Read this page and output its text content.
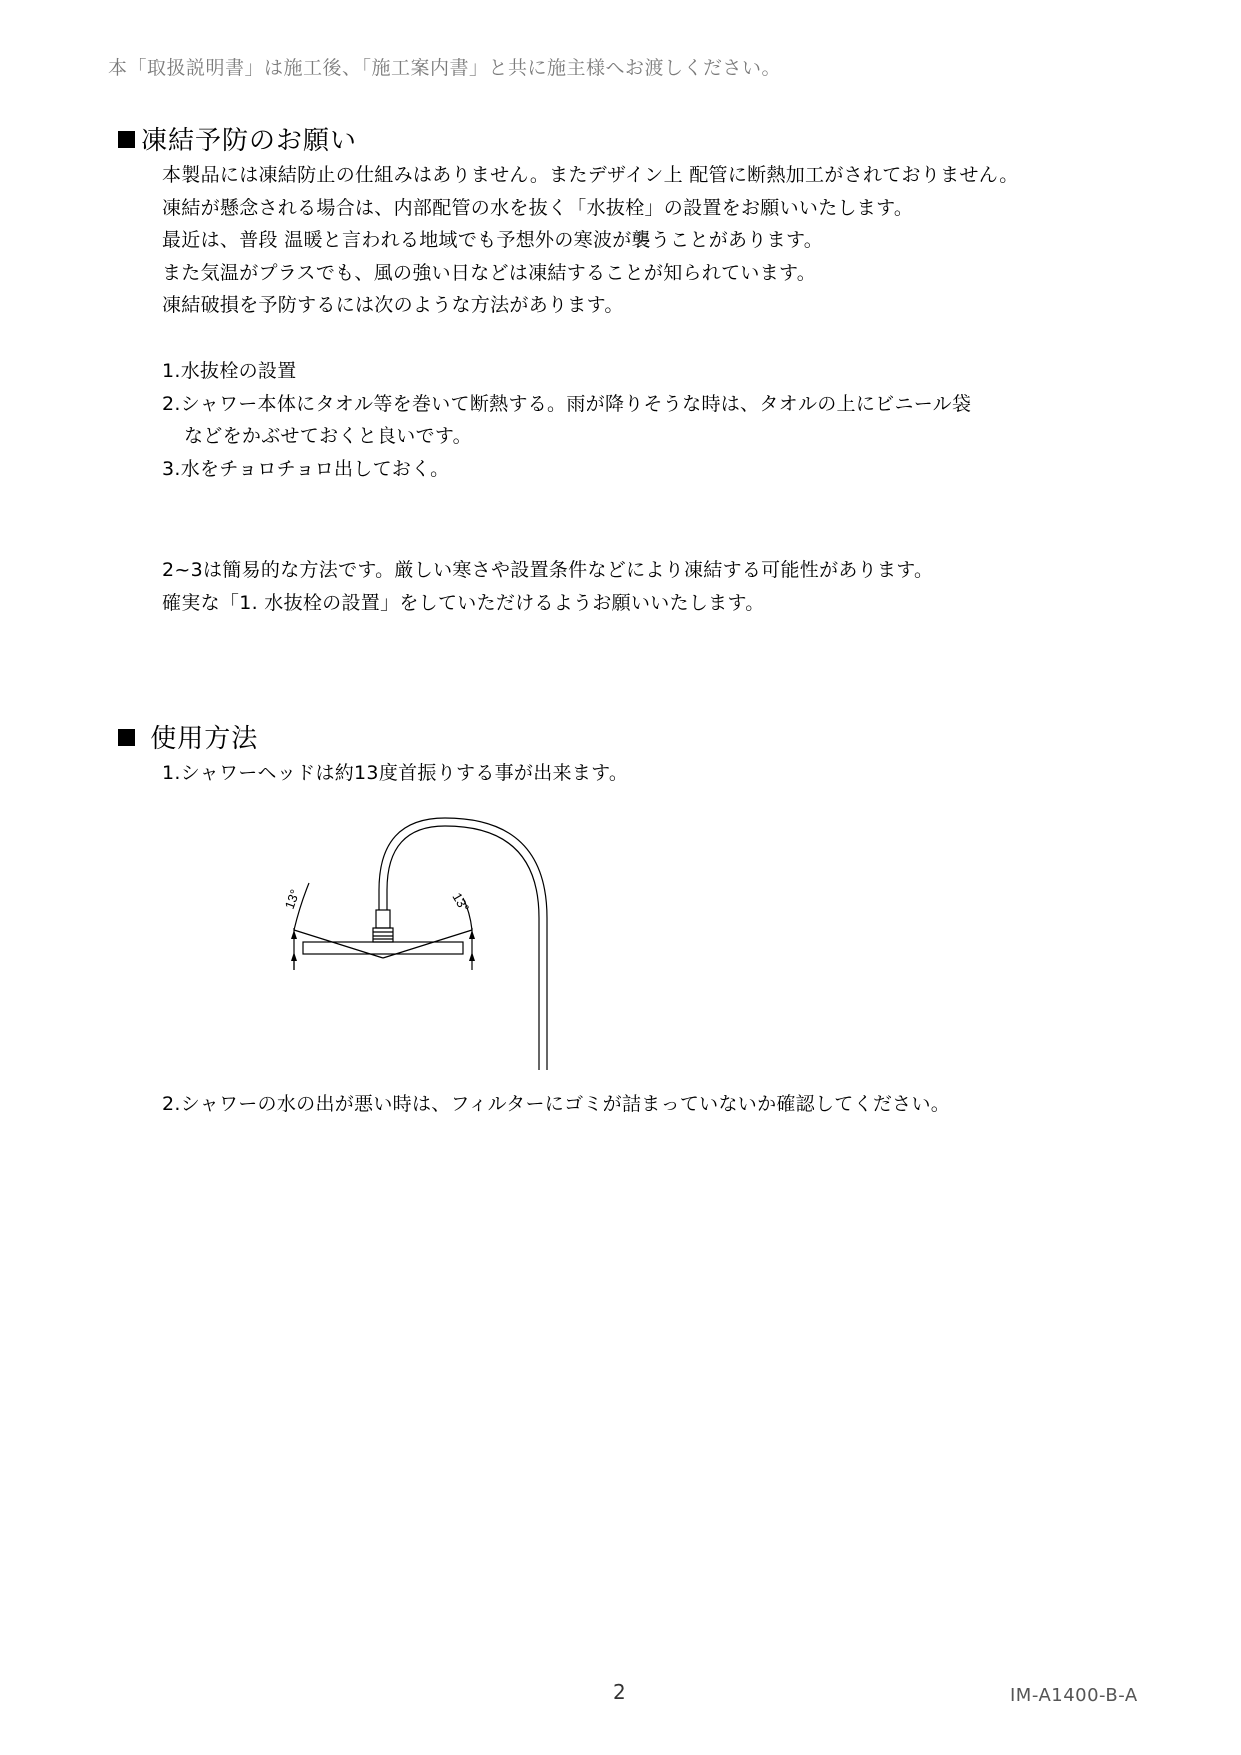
本「取扱説明書」は施工後、「施工案内書」と共に施主様へお渡しください。
凍結予防のお願い
本製品には凍結防止の仕組みはありません。またデザイン上 配管に断熱加工がされておりません。
凍結が懸念される場合は、内部配管の水を抜く「水抜栓」の設置をお願いいたします。
最近は、普段 温暖と言われる地域でも予想外の寒波が襲うことがあります。
また気温がプラスでも、風の強い日などは凍結することが知られています。
凍結破損を予防するには次のような方法があります。
1.水抜栓の設置
2.シャワー本体にタオル等を巻いて断熱する。雨が降りそうな時は、タオルの上にビニール袋
などをかぶせておくと良いです。
3.水をチョロチョロ出しておく。
2~3は簡易的な方法です。厳しい寒さや設置条件などにより凍結する可能性があります。
確実な「1. 水抜栓の設置」をしていただけるようお願いいたします。
使用方法
1.シャワーヘッドは約13度首振りする事が出来ます。
13°	13°
2.シャワーの水の出が悪い時は、フィルターにゴミが詰まっていないか確認してください。
2	IM-A1400-B-A
